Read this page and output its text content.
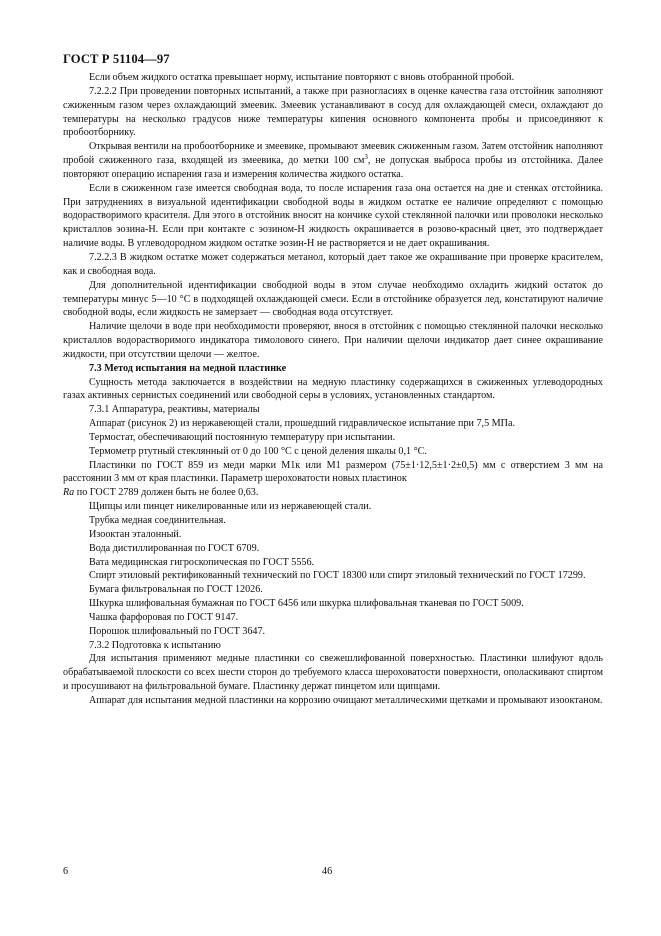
ГОСТ Р 51104—97

Если объем жидкого остатка превышает норму, испытание повторяют с вновь отобранной пробой.

7.2.2.2 При проведении повторных испытаний, а также при разногласиях в оценке качества газа отстойник заполняют сжиженным газом через охлаждающий змеевик. Змеевик устанавливают в сосуд для охлаждающей смеси, охлаждают до температуры на несколько градусов ниже температуры кипения основного компонента пробы и присоединяют к пробоотборнику.

Открывая вентили на пробоотборнике и змеевике, промывают змеевик сжиженным газом. Затем отстойник наполняют пробой сжиженного газа, входящей из змеевика, до метки 100 $см^3$, не допуская выброса пробы из отстойника. Далее повторяют операцию испарения газа и измерения количества жидкого остатка.

Если в сжиженном газе имеется свободная вода, то после испарения газа она остается на дне и стенках отстойника. При затруднениях в визуальной идентификации свободной воды в жидком остатке ее наличие определяют с помощью водорастворимого красителя. Для этого в отстойник вносят на кончике сухой стеклянной палочки или проволоки несколько кристаллов эозина-Н. Если при контакте с эозином-Н жидкость окрашивается в розово-красный цвет, это подтверждает наличие воды. В углеводородном жидком остатке эозин-Н не растворяется и не дает окрашивания.

7.2.2.3 В жидком остатке может содержаться метанол, который дает такое же окрашивание при проверке красителем, как и свободная вода.

Для дополнительной идентификации свободной воды в этом случае необходимо охладить жидкий остаток до температуры минус 5—10 °С в подходящей охлаждающей смеси. Если в отстойнике образуется лед, констатируют наличие свободной воды, если жидкость не замерзает — свободная вода отсутствует.

Наличие щелочи в воде при необходимости проверяют, внося в отстойник с помощью стеклянной палочки несколько кристаллов водорастворимого индикатора тимолового синего. При наличии щелочи индикатор дает синее окрашивание жидкости, при отсутствии щелочи — желтое.

7.3 Метод испытания на медной пластинке

Сущность метода заключается в воздействии на медную пластинку содержащихся в сжиженных углеводородных газах активных сернистых соединений или свободной серы в условиях, установленных стандартом.

7.3.1 Аппаратура, реактивы, материалы

Аппарат (рисунок 2) из нержавеющей стали, прошедший гидравлическое испытание при 7,5 МПа.

Термостат, обеспечивающий постоянную температуру при испытании.

Термометр ртутный стеклянный от 0 до 100 °С с ценой деления шкалы 0,1 °С.

Пластинки по ГОСТ 859 из меди марки М1к или М1 размером (75±1·12,5±1·2±0,5) мм с отверстием 3 мм на расстоянии 3 мм от края пластинки. Параметр шероховатости новых пластинок
Ra по ГОСТ 2789 должен быть не более 0,63.

Щипцы или пинцет никелированные или из нержавеющей стали.

Трубка медная соединительная.

Изооктан эталонный.

Вода дистиллированная по ГОСТ 6709.

Вата медицинская гигроскопическая по ГОСТ 5556.

Спирт этиловый ректификованный технический по ГОСТ 18300 или спирт этиловый технический по ГОСТ 17299.

Бумага фильтровальная по ГОСТ 12026.

Шкурка шлифовальная бумажная по ГОСТ 6456 или шкурка шлифовальная тканевая по ГОСТ 5009.

Чашка фарфоровая по ГОСТ 9147.

Порошок шлифовальный по ГОСТ 3647.

7.3.2 Подготовка к испытанию

Для испытания применяют медные пластинки со свежешлифованной поверхностью. Пластинки шлифуют вдоль обрабатываемой плоскости со всех шести сторон до требуемого класса шероховатости поверхности, ополаскивают спиртом и просушивают на фильтровальной бумаге. Пластинку держат пинцетом или щипцами.

Аппарат для испытания медной пластинки на коррозию очищают металлическими щетками и промывают изооктаном.

6	46
